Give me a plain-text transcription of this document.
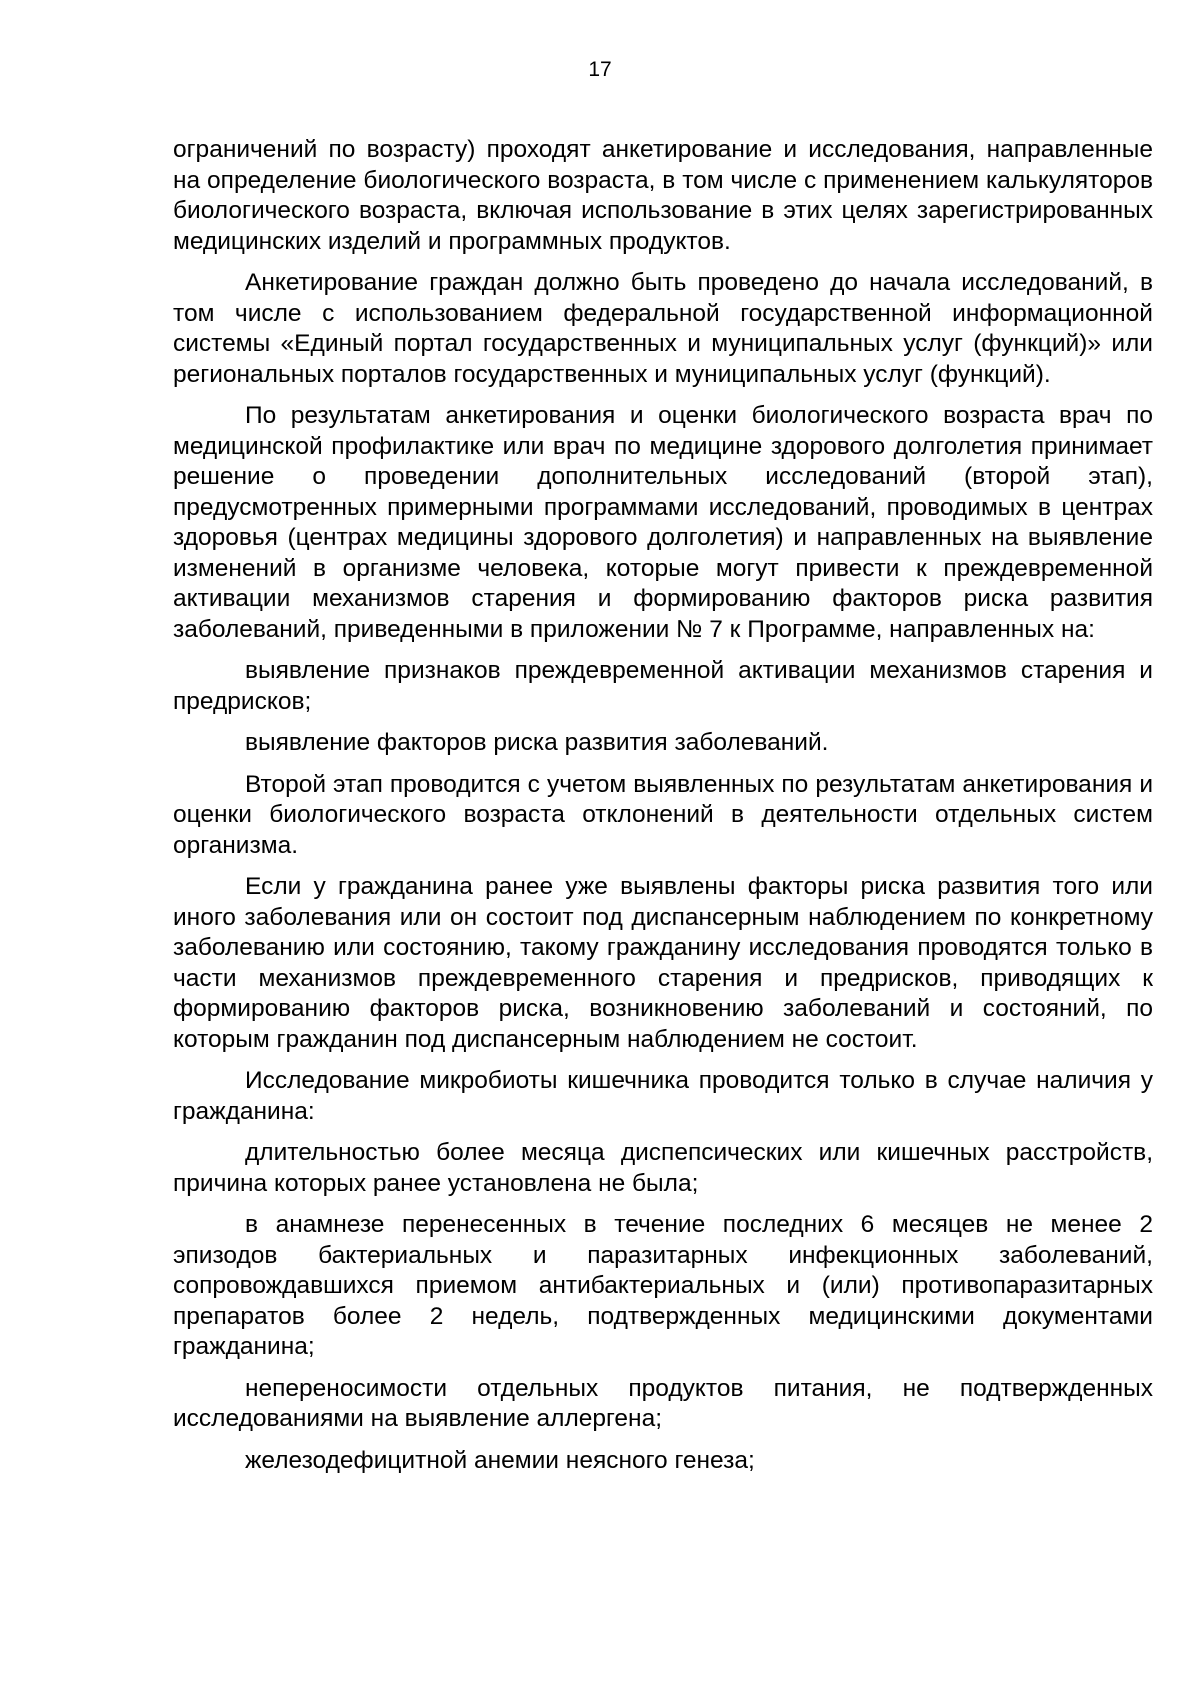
17

ограничений по возрасту) проходят анкетирование и исследования, направленные на определение биологического возраста, в том числе с применением калькуляторов биологического возраста, включая использование в этих целях зарегистрированных медицинских изделий и программных продуктов.

Анкетирование граждан должно быть проведено до начала исследований, в том числе с использованием федеральной государственной информационной системы «Единый портал государственных и муниципальных услуг (функций)» или региональных порталов государственных и муниципальных услуг (функций).

По результатам анкетирования и оценки биологического возраста врач по медицинской профилактике или врач по медицине здорового долголетия принимает решение о проведении дополнительных исследований (второй этап), предусмотренных примерными программами исследований, проводимых в центрах здоровья (центрах медицины здорового долголетия) и направленных на выявление изменений в организме человека, которые могут привести к преждевременной активации механизмов старения и формированию факторов риска развития заболеваний, приведенными в приложении № 7 к Программе, направленных на:

выявление признаков преждевременной активации механизмов старения и предрисков;

выявление факторов риска развития заболеваний.

Второй этап проводится с учетом выявленных по результатам анкетирования и оценки биологического возраста отклонений в деятельности отдельных систем организма.

Если у гражданина ранее уже выявлены факторы риска развития того или иного заболевания или он состоит под диспансерным наблюдением по конкретному заболеванию или состоянию, такому гражданину исследования проводятся только в части механизмов преждевременного старения и предрисков, приводящих к формированию факторов риска, возникновению заболеваний и состояний, по которым гражданин под диспансерным наблюдением не состоит.

Исследование микробиоты кишечника проводится только в случае наличия у гражданина:

длительностью более месяца диспепсических или кишечных расстройств, причина которых ранее установлена не была;

в анамнезе перенесенных в течение последних 6 месяцев не менее 2 эпизодов бактериальных и паразитарных инфекционных заболеваний, сопровождавшихся приемом антибактериальных и (или) противопаразитарных препаратов более 2 недель, подтвержденных медицинскими документами гражданина;

непереносимости отдельных продуктов питания, не подтвержденных исследованиями на выявление аллергена;

железодефицитной анемии неясного генеза;
